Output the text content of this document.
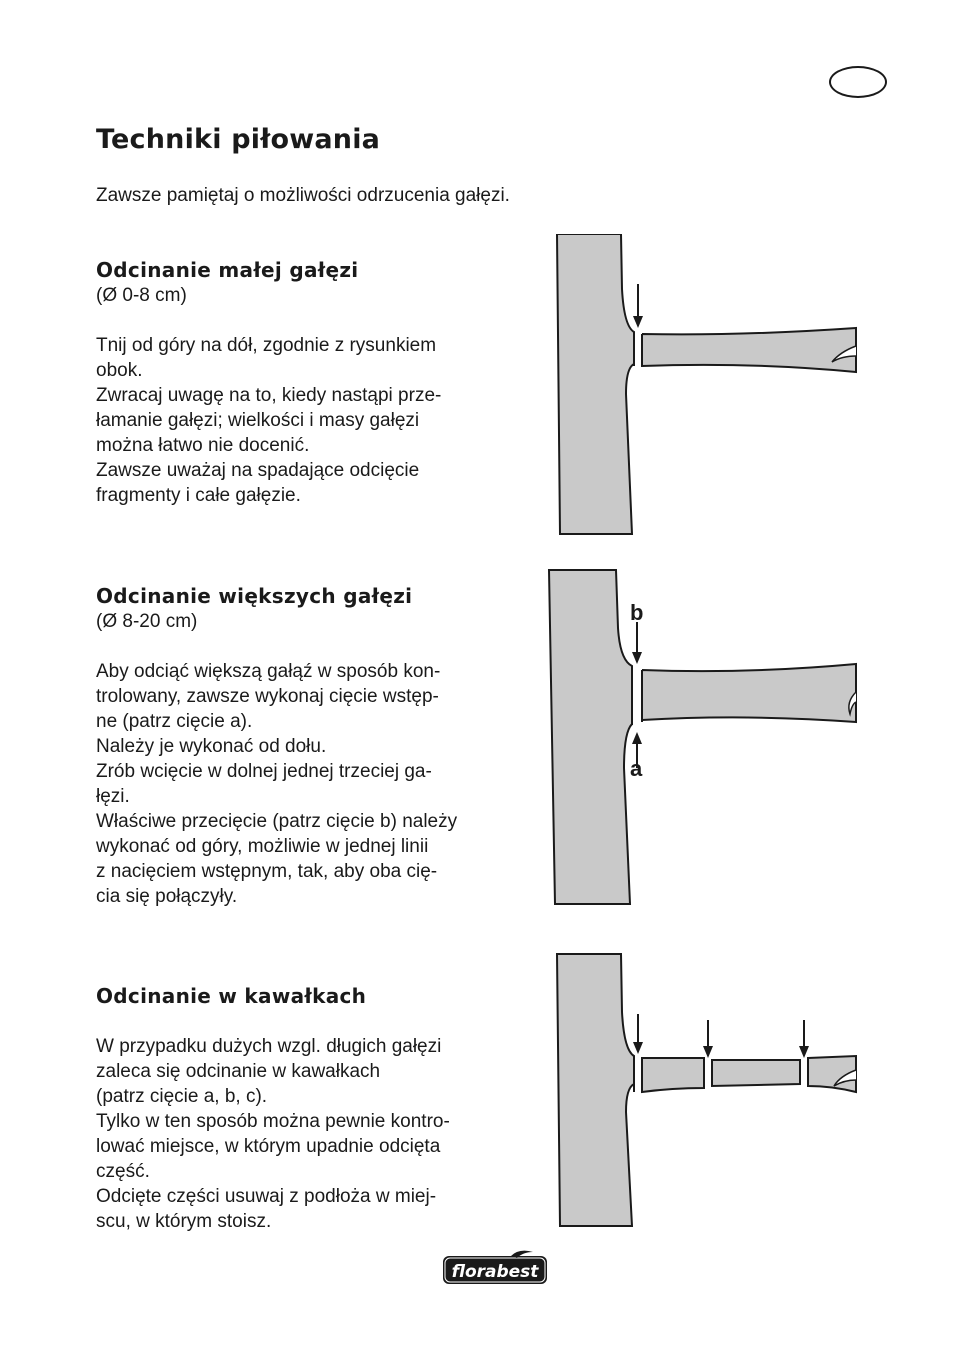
Techniki piłowania

Zawsze pamiętaj o możliwości odrzucenia gałęzi.

Odcinanie małej gałęzi

(Ø 0-8 cm)

Tnij od góry na dół, zgodnie z rysunkiem
obok.
Zwracaj uwagę na to, kiedy nastąpi prze-
łamanie gałęzi; wielkości i masy gałęzi
można łatwo nie docenić.
Zawsze uważaj na spadające odcięcie
fragmenty i całe gałęzie.

Odcinanie większych gałęzi

(Ø 8-20 cm)

Aby odciąć większą gałąź w sposób kon-
trolowany, zawsze wykonaj cięcie wstęp-
ne (patrz cięcie a).
Należy je wykonać od dołu.
Zrób wcięcie w dolnej jednej trzeciej ga-
łęzi.
Właściwe przecięcie (patrz cięcie b) należy
wykonać od góry, możliwie w jednej linii
z nacięciem wstępnym, tak, aby oba cię-
cia się połączyły.

Odcinanie w kawałkach

W przypadku dużych wzgl. długich gałęzi
zaleca się odcinanie w kawałkach
(patrz cięcie a, b, c).
Tylko w ten sposób można pewnie kontro-
lować miejsce, w którym upadnie odcięta
część.
Odcięte części usuwaj z podłoża w miej-
scu, w którym stoisz.

b
a
florabest
